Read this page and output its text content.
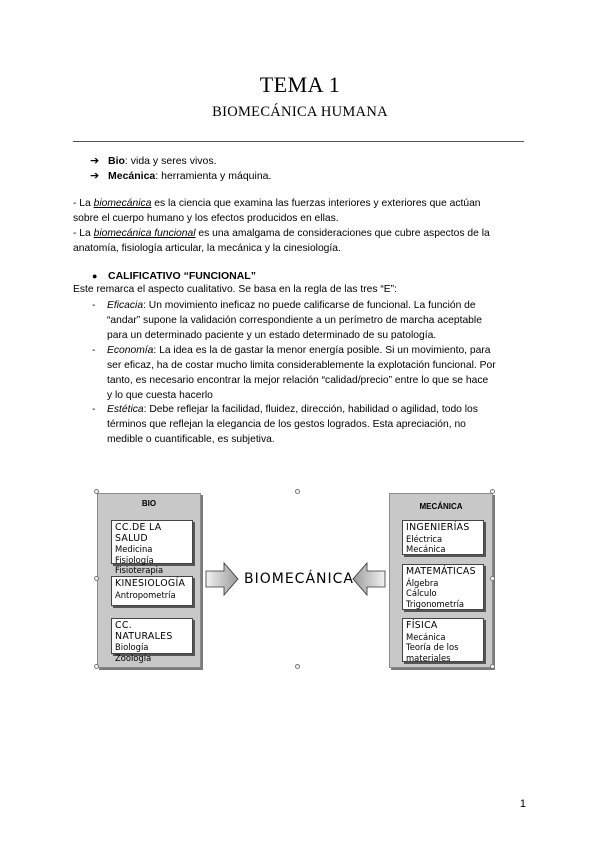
TEMA 1
BIOMECÁNICA HUMANA
➔ Bio: vida y seres vivos.
➔ Mecánica: herramienta y máquina.
- La biomecánica es la ciencia que examina las fuerzas interiores y exteriores que actúan
sobre el cuerpo humano y los efectos producidos en ellas.
- La biomecánica funcional es una amalgama de consideraciones que cubre aspectos de la
anatomía, fisiología articular, la mecánica y la cinesiología.
● CALIFICATIVO “FUNCIONAL”
Este remarca el aspecto cualitativo. Se basa en la regla de las tres “E”:
- Eficacia: Un movimiento ineficaz no puede calificarse de funcional. La función de
“andar” supone la validación correspondiente a un perímetro de marcha aceptable
para un determinado paciente y un estado determinado de su patología.
- Economía: La idea es la de gastar la menor energía posible. Si un movimiento, para
ser eficaz, ha de costar mucho limita considerablemente la explotación funcional. Por
tanto, es necesario encontrar la mejor relación “calidad/precio” entre lo que se hace
y lo que cuesta hacerlo
- Estética: Debe reflejar la facilidad, fluidez, dirección, habilidad o agilidad, todo los
términos que reflejan la elegancia de los gestos logrados. Esta apreciación, no
medible o cuantificable, es subjetiva.
BIO
CC.DE LA SALUD
Medicina
Fisiología
Fisioterapia
KINESIOLOGÍA
Antropometría
CC. NATURALES
Biología
Zoología
MECÁNICA
INGENIERÍAS
Eléctrica
Mecánica
MATEMÁTICAS
Álgebra
Cálculo
Trigonometría
FÍSICA
Mecánica
Teoría de los
materiales
BIOMECÁNICA
1
